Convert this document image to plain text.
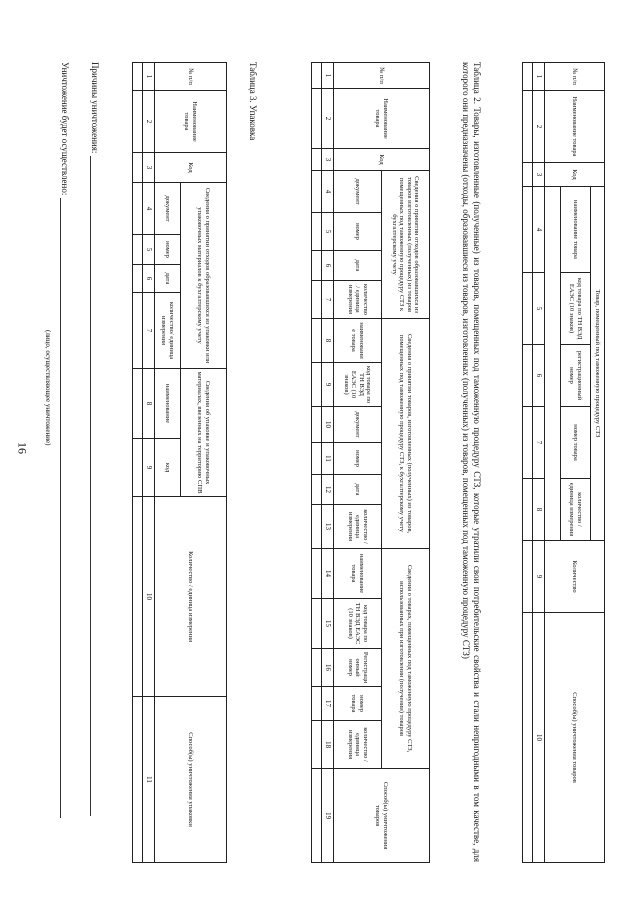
16
№ п/п	Наименование товара	Код	Товар, помещенный под таможенную процедуру СТЗ					Количество	Способ(ы) уничтожения товаров
			наименование товара	код товара по ТН ВЭД ЕАЭС (10 знаков)	регистрационный номер	номер товара	количество / единица измерения		

1	2	3	4	5	6	7	8	9	10

Таблица 2. Товары, изготовленные (полученные) из товаров, помещенных под таможенную процедуру СТЗ, которые утратили свои потребительские свойства и стали непригодными в том качестве, для которого они предназначены (отходы, образовавшиеся из товаров, изготовленных (полученных) из товаров, помещенных под таможенную процедуру СТЗ)
№ п/п	Наименование товара	Код	Сведения о принятии отходов образовавшихся из товаров изготовленных (полученных) из товаров помещенных под таможенную процедуру СТЗ к бухгалтерскому учету				Сведения о принятии товаров, изготовленных (полученных) из товаров, помещенных под таможенную процедуру СТЗ, к бухгалтерскому учету						Сведения о товарах, помещенных под таможенную процедуру СТЗ, использованных при изготовлении (получении) товаров					Способ(ы) уничтожения товаров
			документ	номер	дата	количество / единица измерения	наименование товара	код товара по ТН ВЭД ЕАЭС (10 знаков)	документ	номер	дата	количество / единица измерения	наименование товара	код товара по ТН ВЭД ЕАЭС (10 знаков)	Регистрационный номер	номер товара	количество / единица измерения	
1	2	3	4	5	6	7	8	9	10	11	12	13	14	15	16	17	18	19

Таблица 3. Упаковка
№ п/п	Наименование товара	Код	Сведения о принятии отходов образовавшихся из упаковки или упаковочных материалов к бухгалтерскому учету				Сведения об упаковке и упаковочных материалах, ввезенных на территорию СПВ		Количество / единица измерения	Способ(ы) уничтожения упаковки
			документ	номер	дата	количество/ единица измерения	наименование	код		
1	2	3	4	5	6	7	8	9	10	11

Причины уничтожения:
Уничтожение будет осуществлено:
(лицо, осуществляющее уничтожение)
